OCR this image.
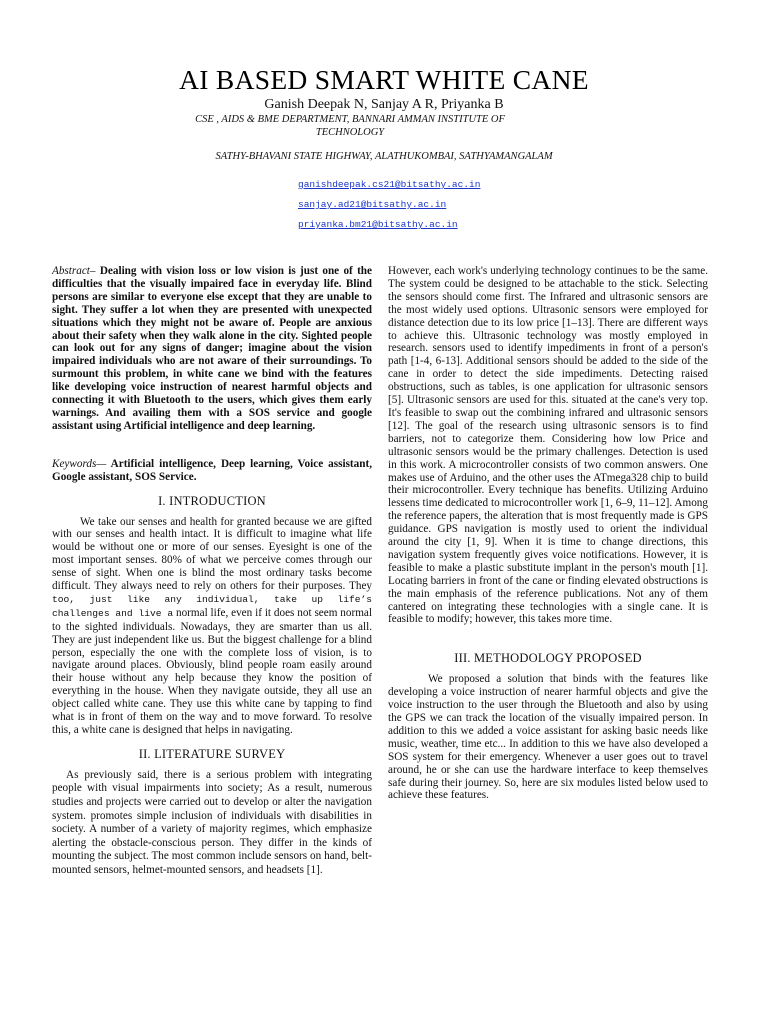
AI BASED SMART WHITE CANE
Ganish Deepak N, Sanjay A R, Priyanka B
CSE , AIDS & BME DEPARTMENT, BANNARI AMMAN INSTITUTE OF TECHNOLOGY
SATHY-BHAVANI STATE HIGHWAY, ALATHUKOMBAI, SATHYAMANGALAM
ganishdeepak.cs21@bitsathy.ac.in
sanjay.ad21@bitsathy.ac.in
priyanka.bm21@bitsathy.ac.in

Abstract– Dealing with vision loss or low vision is just one of the difficulties that the visually impaired face in everyday life. Blind persons are similar to everyone else except that they are unable to sight. They suffer a lot when they are presented with unexpected situations which they might not be aware of. People are anxious about their safety when they walk alone in the city. Sighted people can look out for any signs of danger; imagine about the vision impaired individuals who are not aware of their surroundings. To surmount this problem, in white cane we bind with the features like developing voice instruction of nearest harmful objects and connecting it with Bluetooth to the users, which gives them early warnings. And availing them with a SOS service and google assistant using Artificial intelligence and deep learning.

Keywords— Artificial intelligence, Deep learning, Voice assistant, Google assistant, SOS Service.

I. INTRODUCTION

We take our senses and health for granted because we are gifted with our senses and health intact. It is difficult to imagine what life would be without one or more of our senses. Eyesight is one of the most important senses. 80% of what we perceive comes through our sense of sight. When one is blind the most ordinary tasks become difficult. They always need to rely on others for their purposes. They too, just like any individual, take up life’s challenges and live a normal life, even if it does not seem normal to the sighted individuals. Nowadays, they are smarter than us all. They are just independent like us. But the biggest challenge for a blind person, especially the one with the complete loss of vision, is to navigate around places. Obviously, blind people roam easily around their house without any help because they know the position of everything in the house. When they navigate outside, they all use an object called white cane. They use this white cane by tapping to find what is in front of them on the way and to move forward. To resolve this, a white cane is designed that helps in navigating.

II. LITERATURE SURVEY

As previously said, there is a serious problem with integrating people with visual impairments into society; As a result, numerous studies and projects were carried out to develop or alter the navigation system. promotes simple inclusion of individuals with disabilities in society. A number of a variety of majority regimes, which emphasize alerting the obstacle-conscious person. They differ in the kinds of mounting the subject. The most common include sensors on hand, belt-mounted sensors, helmet-mounted sensors, and headsets [1].

However, each work's underlying technology continues to be the same. The system could be designed to be attachable to the stick. Selecting the sensors should come first. The Infrared and ultrasonic sensors are the most widely used options. Ultrasonic sensors were employed for distance detection due to its low price [1–13]. There are different ways to achieve this. Ultrasonic technology was mostly employed in research. sensors used to identify impediments in front of a person's path [1-4, 6-13]. Additional sensors should be added to the side of the cane in order to detect the side impediments. Detecting raised obstructions, such as tables, is one application for ultrasonic sensors [5]. Ultrasonic sensors are used for this. situated at the cane's very top. It's feasible to swap out the combining infrared and ultrasonic sensors [12]. The goal of the research using ultrasonic sensors is to find barriers, not to categorize them. Considering how low Price and ultrasonic sensors would be the primary challenges. Detection is used in this work. A microcontroller consists of two common answers. One makes use of Arduino, and the other uses the ATmega328 chip to build their microcontroller. Every technique has benefits. Utilizing Arduino lessens time dedicated to microcontroller work [1, 6–9, 11–12]. Among the reference papers, the alteration that is most frequently made is GPS guidance. GPS navigation is mostly used to orient the individual around the city [1, 9]. When it is time to change directions, this navigation system frequently gives voice notifications. However, it is feasible to make a plastic substitute implant in the person's mouth [1]. Locating barriers in front of the cane or finding elevated obstructions is the main emphasis of the reference publications. Not any of them cantered on integrating these technologies with a single cane. It is feasible to modify; however, this takes more time.

III. METHODOLOGY PROPOSED

We proposed a solution that binds with the features like developing a voice instruction of nearer harmful objects and give the voice instruction to the user through the Bluetooth and also by using the GPS we can track the location of the visually impaired person. In addition to this we added a voice assistant for asking basic needs like music, weather, time etc... In addition to this we have also developed a SOS system for their emergency. Whenever a user goes out to travel around, he or she can use the hardware interface to keep themselves safe during their journey. So, here are six modules listed below used to achieve these features.
